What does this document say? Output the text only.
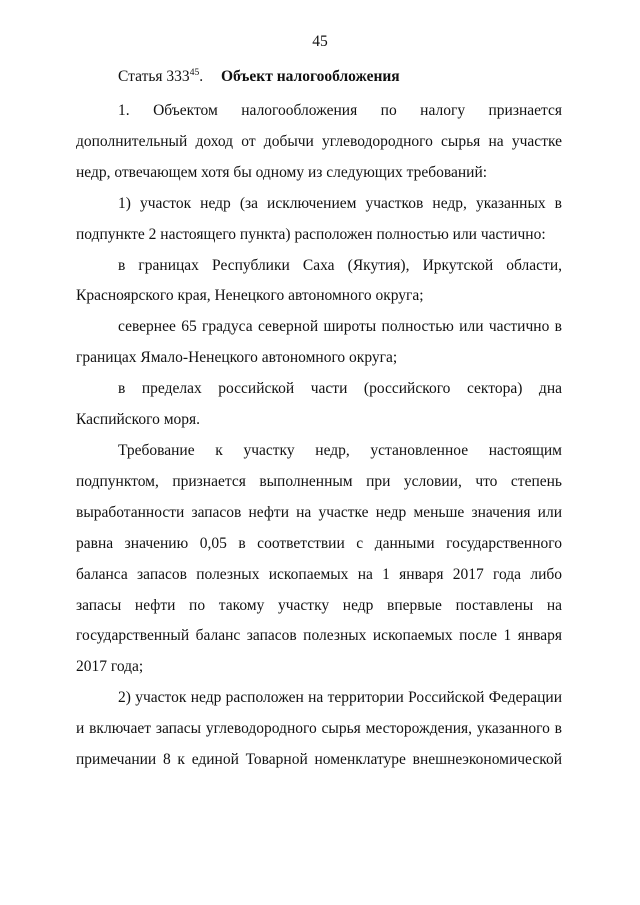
45
Статья $333^{45}$. Объект налогообложения

1. Объектом налогообложения по налогу признается дополнительный доход от добычи углеводородного сырья на участке недр, отвечающем хотя бы одному из следующих требований:

1) участок недр (за исключением участков недр, указанных в подпункте 2 настоящего пункта) расположен полностью или частично:

в границах Республики Саха (Якутия), Иркутской области, Красноярского края, Ненецкого автономного округа;

севернее 65 градуса северной широты полностью или частично в границах Ямало-Ненецкого автономного округа;

в пределах российской части (российского сектора) дна Каспийского моря.

Требование к участку недр, установленное настоящим подпунктом, признается выполненным при условии, что степень выработанности запасов нефти на участке недр меньше значения или равна значению 0,05 в соответствии с данными государственного баланса запасов полезных ископаемых на 1 января 2017 года либо запасы нефти по такому участку недр впервые поставлены на государственный баланс запасов полезных ископаемых после 1 января 2017 года;

2) участок недр расположен на территории Российской Федерации и включает запасы углеводородного сырья месторождения, указанного в примечании 8 к единой Товарной номенклатуре внешнеэкономической
